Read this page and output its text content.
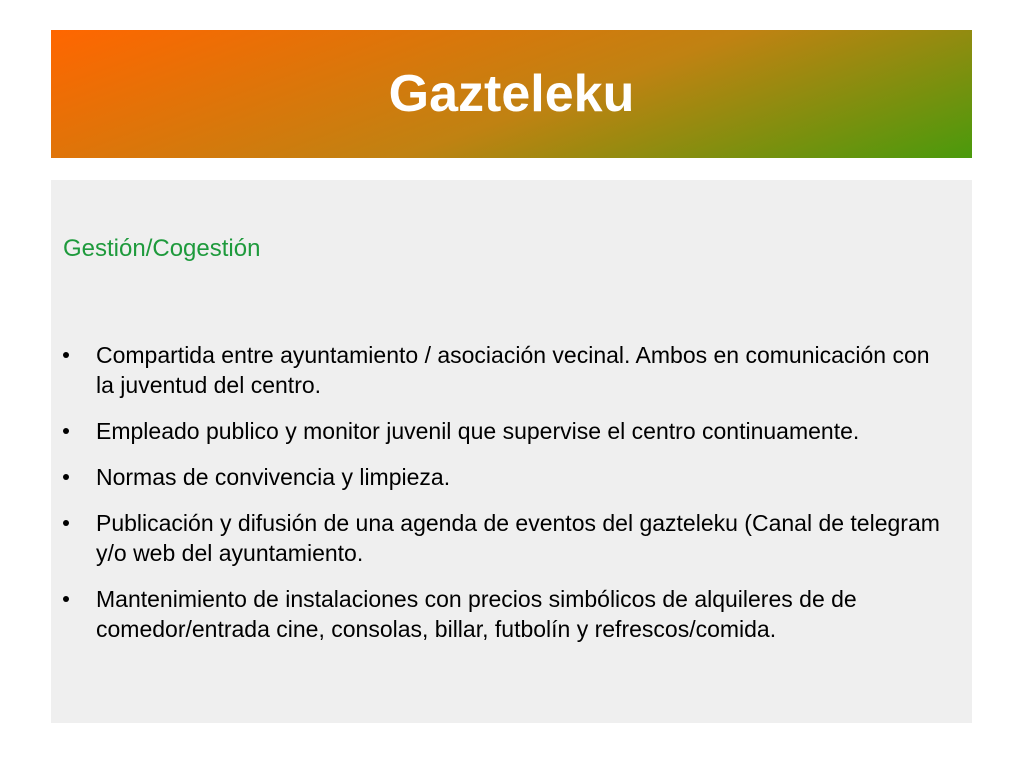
Gazteleku
Gestión/Cogestión
Compartida entre ayuntamiento / asociación vecinal. Ambos en comunicación con la juventud del centro.
Empleado publico y monitor juvenil que supervise el centro continuamente.
Normas de convivencia y limpieza.
Publicación y difusión de una agenda de eventos del gazteleku (Canal de telegram y/o web del ayuntamiento.
Mantenimiento de instalaciones con precios simbólicos de alquileres de de comedor/entrada cine, consolas, billar, futbolín y refrescos/comida.
